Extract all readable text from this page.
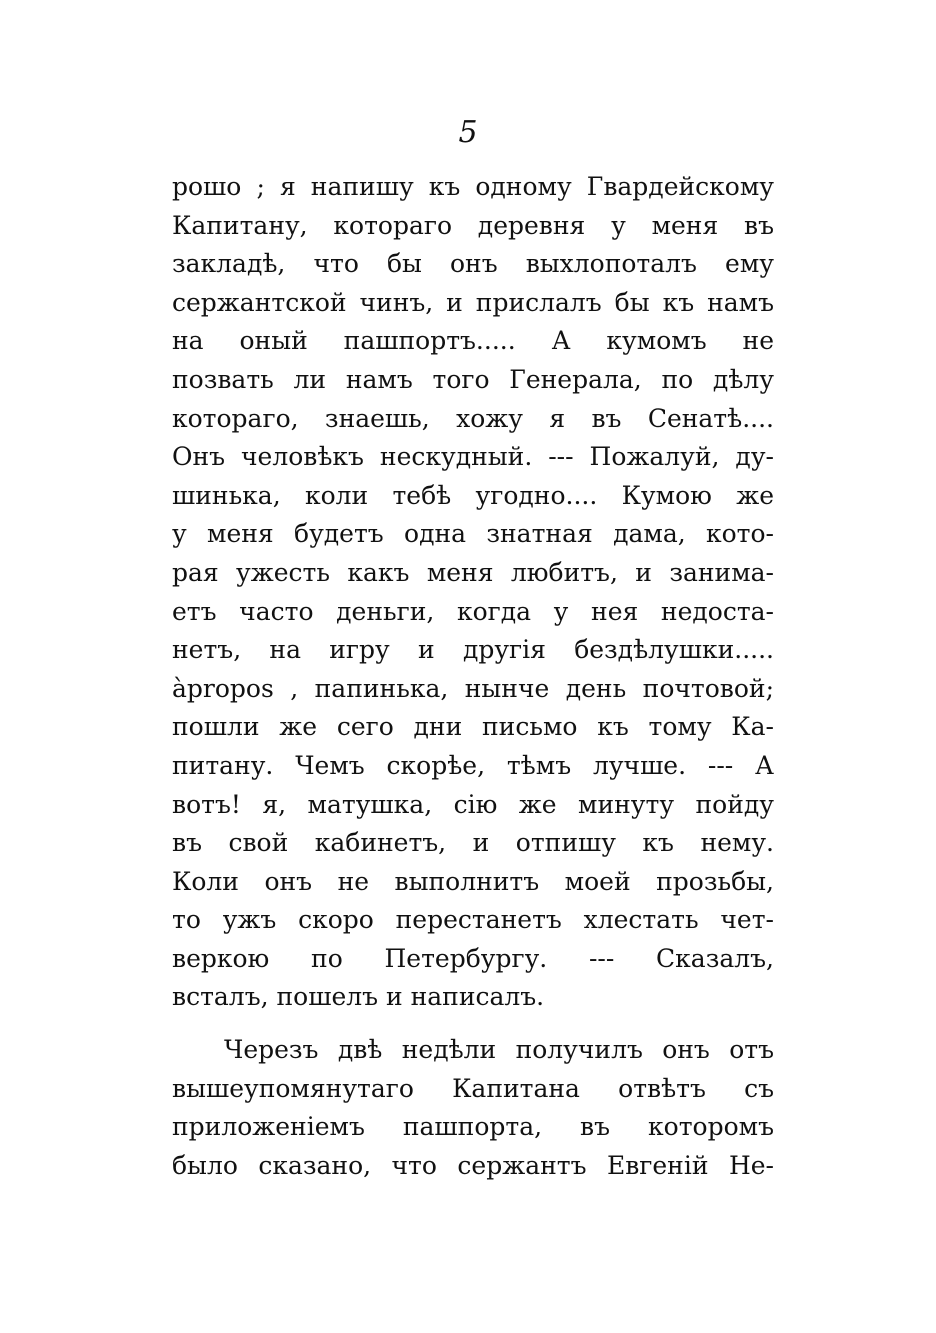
5
рошо ; я напишу къ одному Гвардейскому
Капитану, котораго деревня у меня въ
закладѣ, что бы онъ выхлопоталъ ему
сержантской чинъ, и прислалъ бы къ намъ
на оный пашпортъ..... А кумомъ не
позвать ли намъ того Генерала, по дѣлу
котораго, знаешь, хожу я въ Сенатѣ....
Онъ человѣкъ нескудный. --- Пожалуй, ду-
шинька, коли тебѣ угодно.... Кумою же
у меня будетъ одна знатная дама, кото-
рая ужесть какъ меня любитъ, и занима-
етъ часто деньги, когда у нея недоста-
нетъ, на игру и другія бездѣлушки.....
àpropos , папинька, нынче день почтовой;
пошли же сего дни письмо къ тому Ка-
питану. Чемъ скорѣе, тѣмъ лучше. --- А
вотъ! я, матушка, сію же минуту пойду
въ свой кабинетъ, и отпишу къ нему.
Коли онъ не выполнитъ моей прозьбы,
то ужъ скоро перестанетъ хлестать чет-
веркою по Петербургу. --- Сказалъ,
всталъ, пошелъ и написалъ.
Черезъ двѣ недѣли получилъ онъ отъ
вышеупомянутаго Капитана отвѣтъ съ
приложеніемъ пашпорта, въ которомъ
было сказано, что сержантъ Евгеній Не-
